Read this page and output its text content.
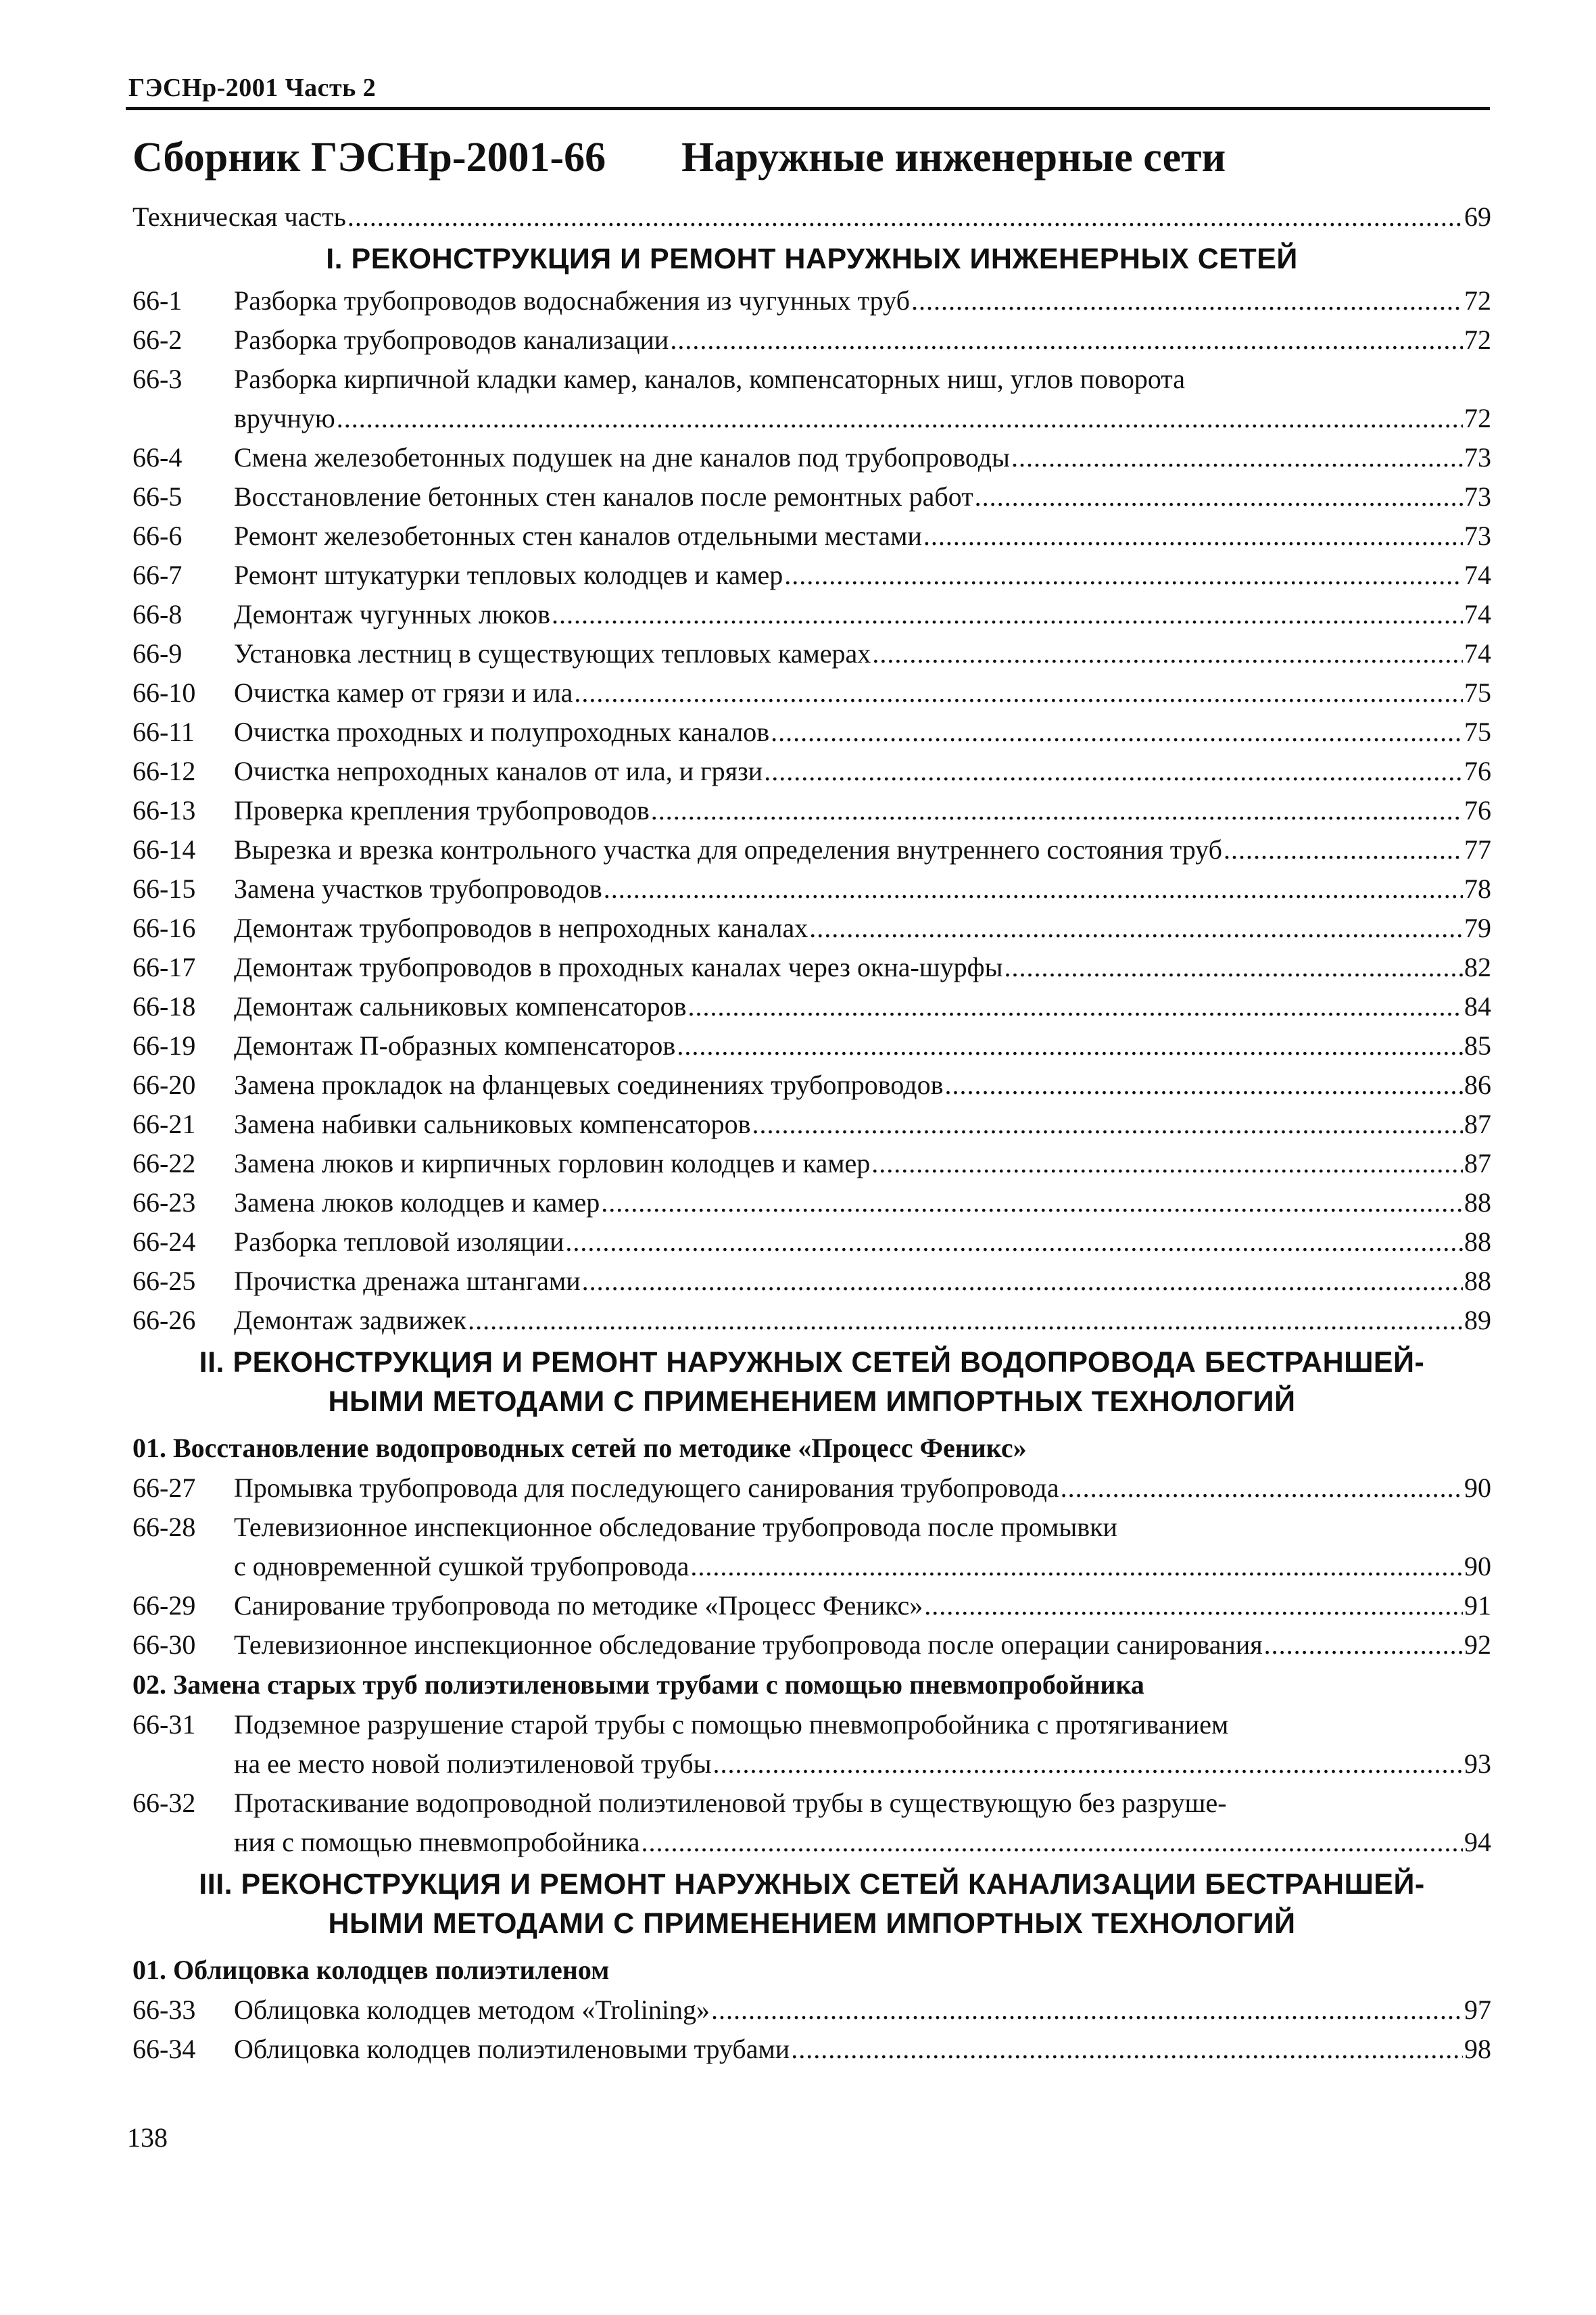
ГЭСНр-2001 Часть 2
Сборник ГЭСНр-2001-66 Наружные инженерные сети
Техническая часть .....	69
I. РЕКОНСТРУКЦИЯ И РЕМОНТ НАРУЖНЫХ ИНЖЕНЕРНЫХ СЕТЕЙ
66-1	Разборка трубопроводов водоснабжения из чугунных труб .....	72
66-2	Разборка трубопроводов канализации .....	72
66-3	Разборка кирпичной кладки камер, каналов, компенсаторных ниш, углов поворота
вручную .....	72
66-4	Смена железобетонных подушек на дне каналов под трубопроводы .....	73
66-5	Восстановление бетонных стен каналов после ремонтных работ .....	73
66-6	Ремонт железобетонных стен каналов отдельными местами .....	73
66-7	Ремонт штукатурки тепловых колодцев и камер .....	74
66-8	Демонтаж чугунных люков .....	74
66-9	Установка лестниц в существующих тепловых камерах .....	74
66-10	Очистка камер от грязи и ила .....	75
66-11	Очистка проходных и полупроходных каналов .....	75
66-12	Очистка непроходных каналов от ила, и грязи .....	76
66-13	Проверка крепления трубопроводов .....	76
66-14	Вырезка и врезка контрольного участка для определения внутреннего состояния труб .....	77
66-15	Замена участков трубопроводов .....	78
66-16	Демонтаж трубопроводов в непроходных каналах .....	79
66-17	Демонтаж трубопроводов в проходных каналах через окна-шурфы .....	82
66-18	Демонтаж сальниковых компенсаторов .....	84
66-19	Демонтаж П-образных компенсаторов .....	85
66-20	Замена прокладок на фланцевых соединениях трубопроводов .....	86
66-21	Замена набивки сальниковых компенсаторов .....	87
66-22	Замена люков и кирпичных горловин колодцев и камер .....	87
66-23	Замена люков колодцев и камер .....	88
66-24	Разборка тепловой изоляции .....	88
66-25	Прочистка дренажа штангами .....	88
66-26	Демонтаж задвижек .....	89
II. РЕКОНСТРУКЦИЯ И РЕМОНТ НАРУЖНЫХ СЕТЕЙ ВОДОПРОВОДА БЕСТРАНШЕЙ-
НЫМИ МЕТОДАМИ С ПРИМЕНЕНИЕМ ИМПОРТНЫХ ТЕХНОЛОГИЙ
01. Восстановление водопроводных сетей по методике «Процесс Феникс»
66-27	Промывка трубопровода для последующего санирования трубопровода .....	90
66-28	Телевизионное инспекционное обследование трубопровода после промывки
с одновременной сушкой трубопровода .....	90
66-29	Санирование трубопровода по методике «Процесс Феникс» .....	91
66-30	Телевизионное инспекционное обследование трубопровода после операции санирования .....	92
02. Замена старых труб полиэтиленовыми трубами с помощью пневмопробойника
66-31	Подземное разрушение старой трубы с помощью пневмопробойника с протягиванием
на ее место новой полиэтиленовой трубы .....	93
66-32	Протаскивание водопроводной полиэтиленовой трубы в существующую без разруше-
ния с помощью пневмопробойника .....	94
III. РЕКОНСТРУКЦИЯ И РЕМОНТ НАРУЖНЫХ СЕТЕЙ КАНАЛИЗАЦИИ БЕСТРАНШЕЙ-
НЫМИ МЕТОДАМИ С ПРИМЕНЕНИЕМ ИМПОРТНЫХ ТЕХНОЛОГИЙ
01. Облицовка колодцев полиэтиленом
66-33	Облицовка колодцев методом «Trolining» .....	97
66-34	Облицовка колодцев полиэтиленовыми трубами .....	98
138
